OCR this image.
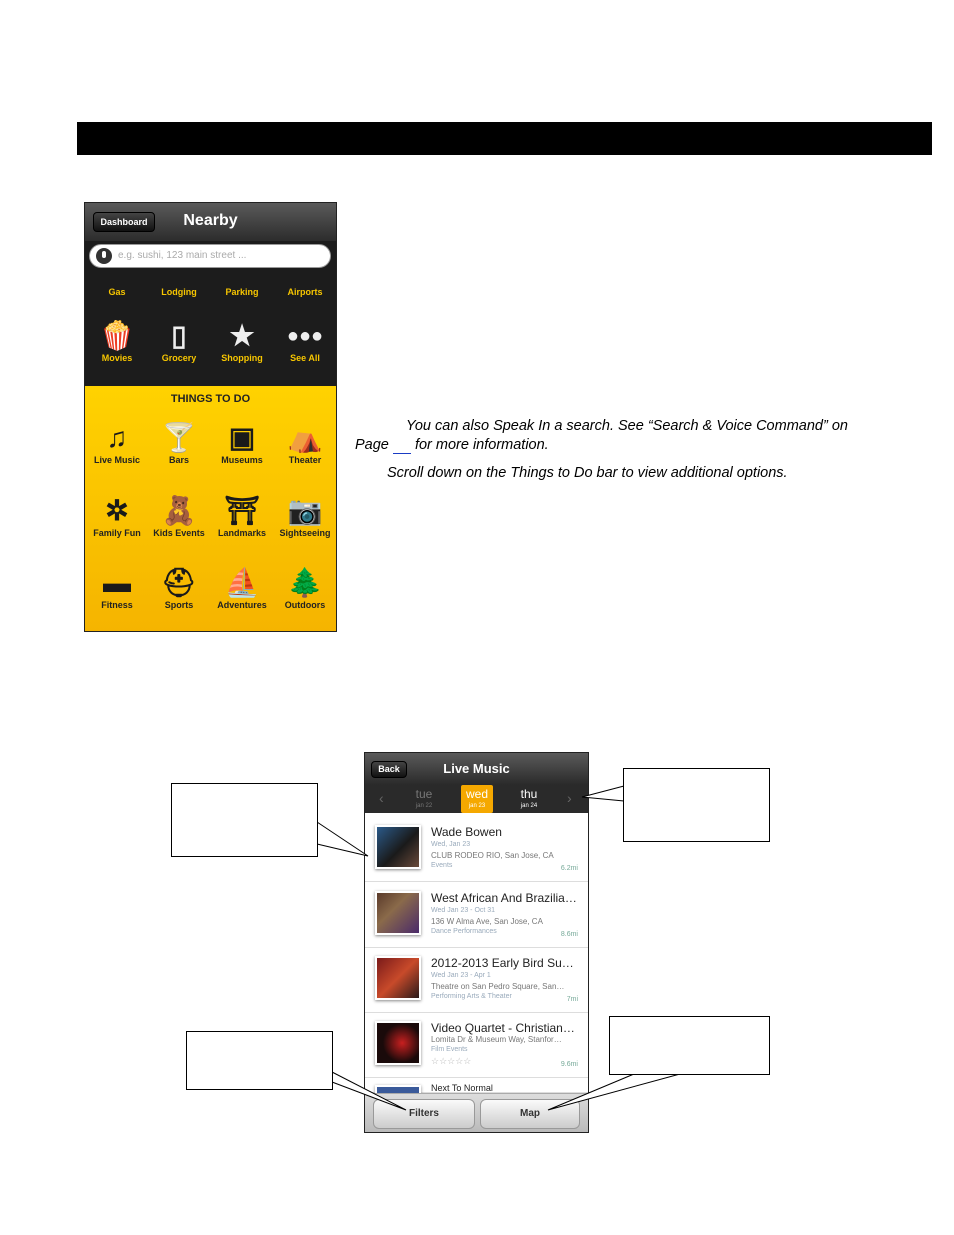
Nearby
Dashboard
e.g. sushi, 123 main street ...
Gas	Lodging	Parking	Airports
🍿
Movies
▯
Grocery
★
Shopping
●●●
See All
THINGS TO DO
♫
Live Music
🍸
Bars
▣
Museums
⛺
Theater
✲
Family Fun
🧸
Kids Events
⛩
Landmarks
📷
Sightseeing
▬
Fitness
⛑
Sports
⛵
Adventures
🌲
Outdoors
You can also Speak In a search. See “Search & Voice Command” on
Page for more information.
Scroll down on the Things to Do bar to view additional options.
Live Music
Back
‹	tue
jan 22
wed
jan 23
thu
jan 24	›
Wade Bowen
Wed, Jan 23
CLUB RODEO RIO, San Jose, CA
Events	6.2mi
West African And Brazilia…
Wed Jan 23 - Oct 31
136 W Alma Ave, San Jose, CA
Dance Performances	8.6mi
2012-2013 Early Bird Su…
Wed Jan 23 - Apr 1
Theatre on San Pedro Square, San…
Performing Arts & Theater	7mi
Video Quartet - Christian…
Lomita Dr & Museum Way, Stanfor…
Film Events
☆☆☆☆☆	9.6mi
Next To Normal
Filters	Map
